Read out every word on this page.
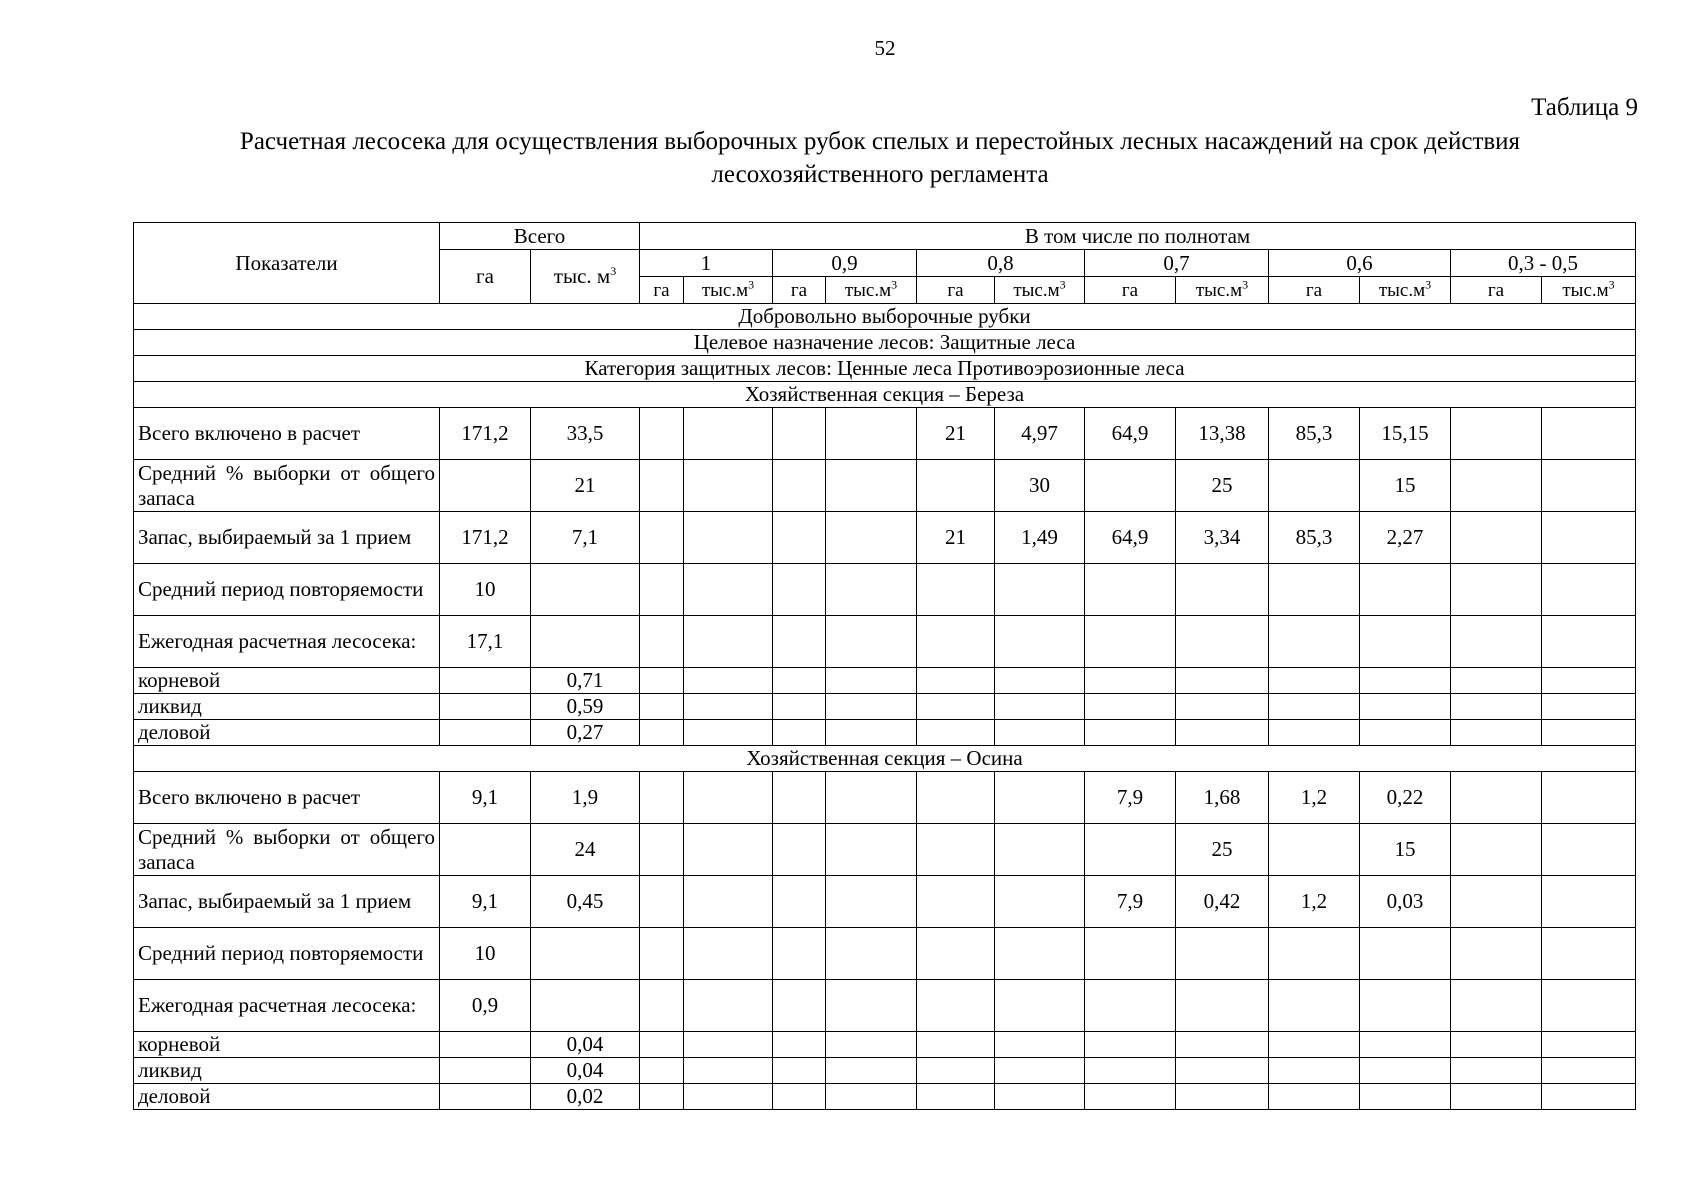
52
Таблица 9
Расчетная лесосека для осуществления выборочных рубок спелых и перестойных лесных насаждений на срок действия лесохозяйственного регламента
Показатели	Всего		В том числе по полнотам											
	га	тыс. $м^3$	1		0,9		0,8		0,7		0,6		0,3 - 0,5	
			га	$тыс.м^3$	га	$тыс.м^3$	га	$тыс.м^3$	га	$тыс.м^3$	га	$тыс.м^3$	га	$тыс.м^3$
Добровольно выборочные рубки														
Целевое назначение лесов: Защитные леса														
Категория защитных лесов: Ценные леса Противоэрозионные леса														
Хозяйственная секция – Береза														
Всего включено в расчет	171,2	33,5					21	4,97	64,9	13,38	85,3	15,15		
Средний % выборки от общего запаса		21						30		25		15		
Запас, выбираемый за 1 прием	171,2	7,1					21	1,49	64,9	3,34	85,3	2,27		
Средний период повторяемости	10													
Ежегодная расчетная лесосека:	17,1													
корневой		0,71												
ликвид		0,59												
деловой		0,27												
Хозяйственная секция – Осина														
Всего включено в расчет	9,1	1,9							7,9	1,68	1,2	0,22		
Средний % выборки от общего запаса		24								25		15		
Запас, выбираемый за 1 прием	9,1	0,45							7,9	0,42	1,2	0,03		
Средний период повторяемости	10													
Ежегодная расчетная лесосека:	0,9													
корневой		0,04												
ликвид		0,04												
деловой		0,02												
